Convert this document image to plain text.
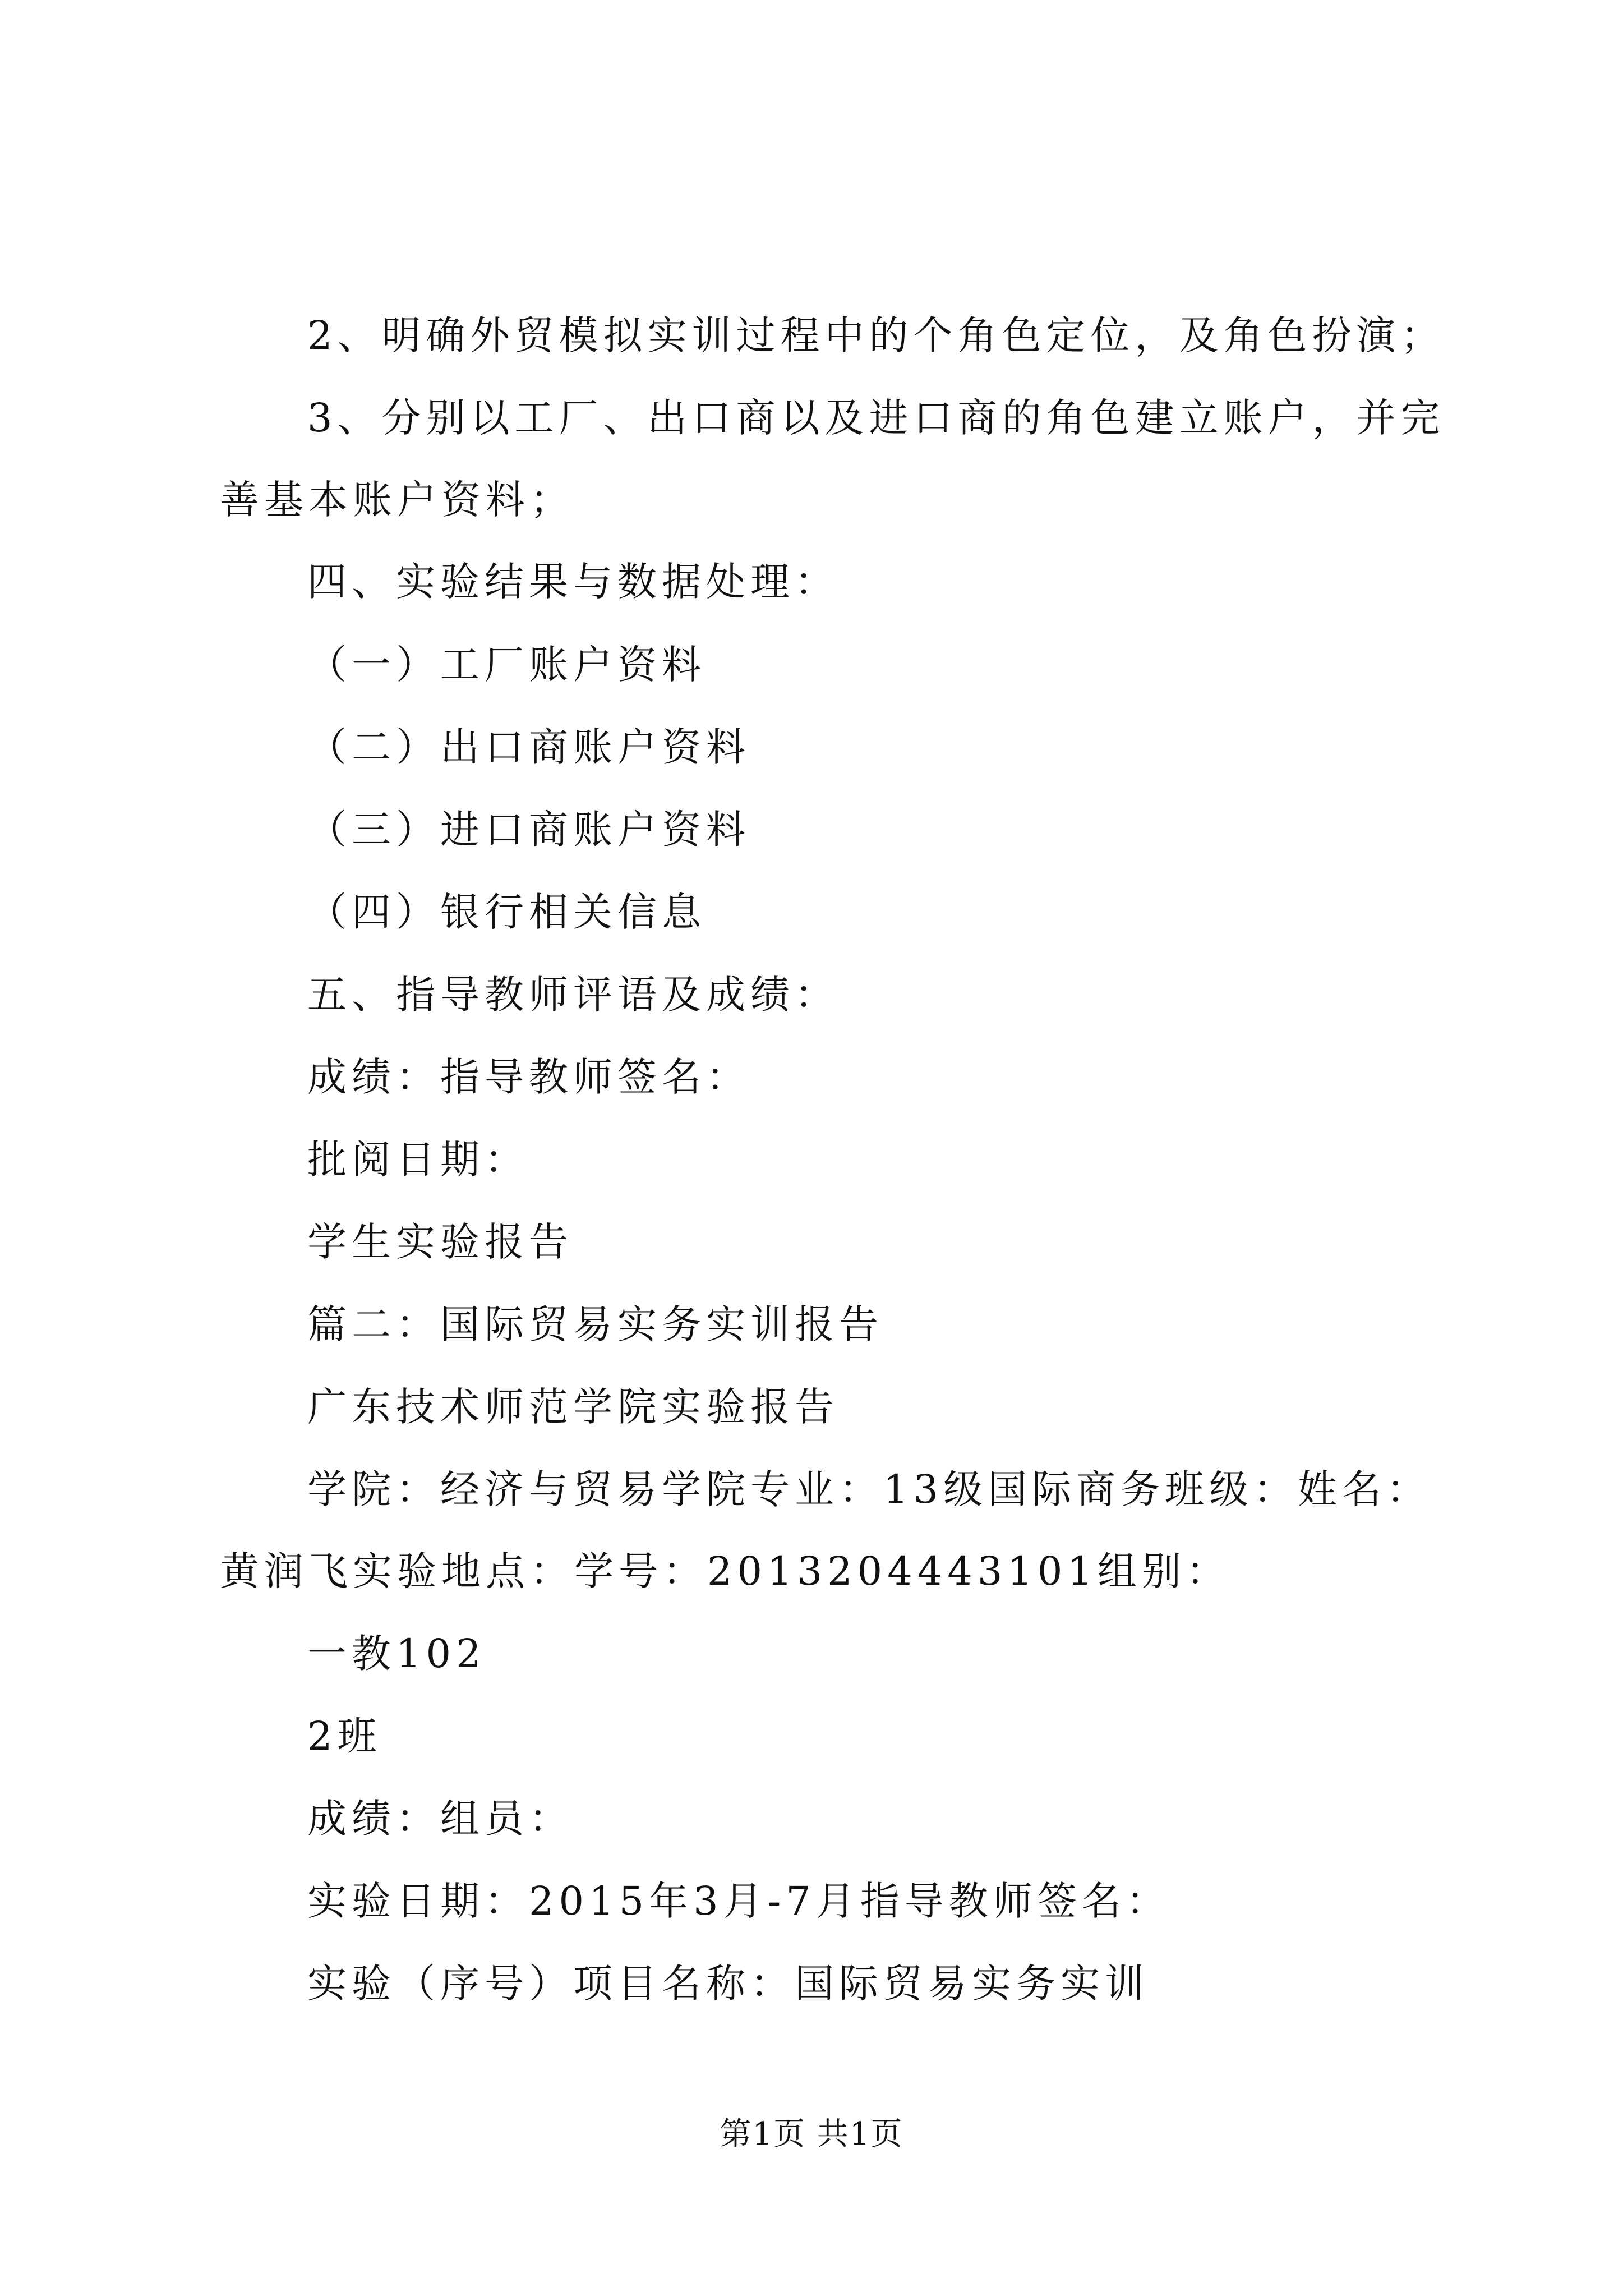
2、明确外贸模拟实训过程中的个角色定位，及角色扮演；
3、分别以工厂、出口商以及进口商的角色建立账户，并完
善基本账户资料；
四、实验结果与数据处理：
（一）工厂账户资料
（二）出口商账户资料
（三）进口商账户资料
（四）银行相关信息
五、指导教师评语及成绩：
成绩：指导教师签名：
批阅日期：
学生实验报告
篇二：国际贸易实务实训报告
广东技术师范学院实验报告
学院：经济与贸易学院专业：13级国际商务班级：姓名：
黄润飞实验地点：学号：2013204443101组别：
一教102
2班
成绩：组员：
实验日期：2015年3月-7月指导教师签名：
实验（序号）项目名称：国际贸易实务实训
第1页 共1页
